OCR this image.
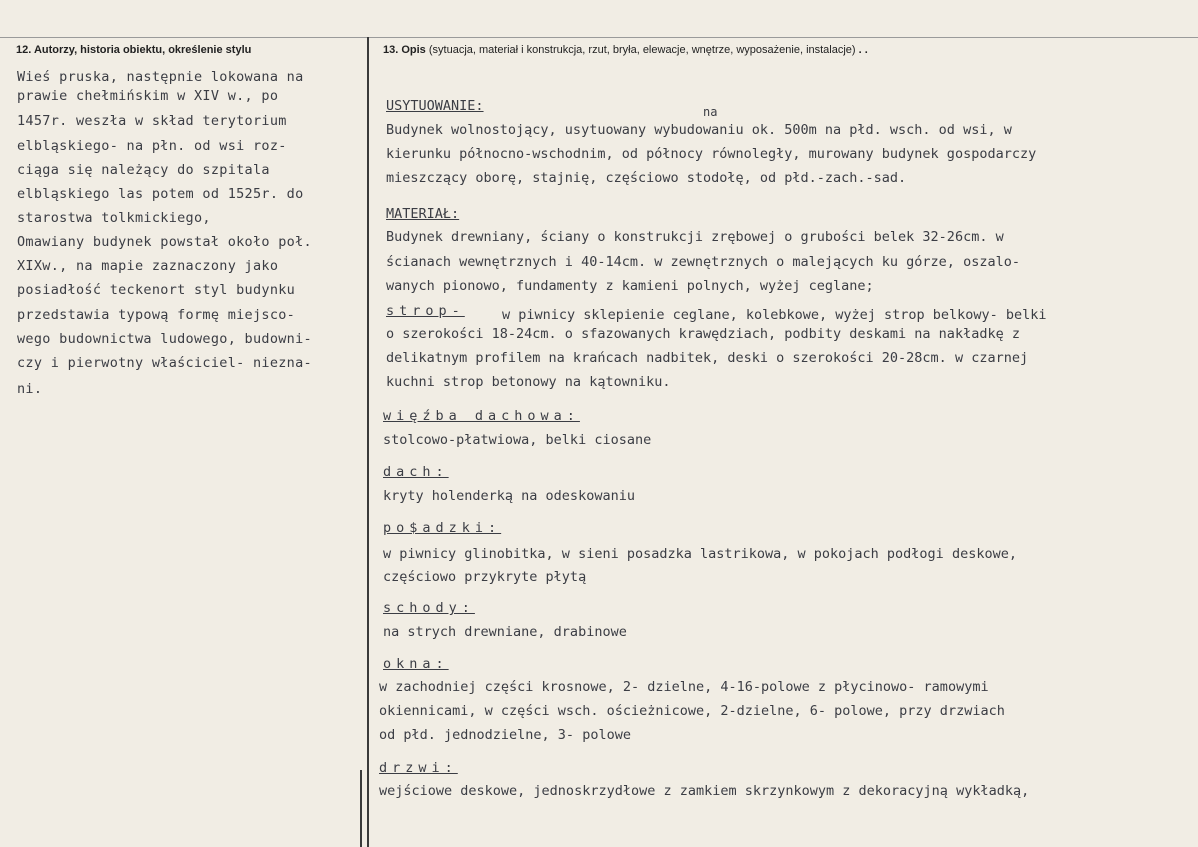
12. Autorzy, historia obiektu, określenie stylu
Wieś pruska, następnie lokowana na
prawie chełmińskim w XIV w., po
1457r. weszła w skład terytorium
elbląskiego- na płn. od wsi roz-
ciąga się należący do szpitala
elbląskiego las potem od 1525r. do
starostwa tolkmickiego,
Omawiany budynek powstał około poł.
XIXw., na mapie zaznaczony jako
posiadłość teckenort styl budynku
przedstawia typową formę miejsco-
wego budownictwa ludowego, budowni-
czy i pierwotny właściciel- niezna-
ni.
13. Opis (sytuacja, materiał i konstrukcja, rzut, bryła, elewacje, wnętrze, wyposażenie, instalacje) . .
USYTUOWANIE:	na
Budynek wolnostojący, usytuowany wybudowaniu ok. 500m na płd. wsch. od wsi, w
kierunku północno-wschodnim, od północy równoległy, murowany budynek gospodarczy
mieszczący oborę, stajnię, częściowo stodołę, od płd.-zach.-sad.
MATERIAŁ:
Budynek drewniany, ściany o konstrukcji zrębowej o grubości belek 32-26cm. w
ścianach wewnętrznych i 40-14cm. w zewnętrznych o malejących ku górze, oszalo-
wanych pionowo, fundamenty z kamieni polnych, wyżej ceglane;
strop-	w piwnicy sklepienie ceglane, kolebkowe, wyżej strop belkowy- belki
o szerokości 18-24cm. o sfazowanych krawędziach, podbity deskami na nakładkę z
delikatnym profilem na krańcach nadbitek, deski o szerokości 20-28cm. w czarnej
kuchni strop betonowy na kątowniku.
więźba dachowa:
stolcowo-płatwiowa, belki ciosane
dach:
kryty holenderką na odeskowaniu
po$adzki:
w piwnicy glinobitka, w sieni posadzka lastrikowa, w pokojach podłogi deskowe,
częściowo przykryte płytą
schody:
na strych drewniane, drabinowe
okna:
w zachodniej części krosnowe, 2- dzielne, 4-16-polowe z płycinowo- ramowymi
okiennicami, w części wsch. ościeżnicowe, 2-dzielne, 6- polowe, przy drzwiach
od płd. jednodzielne, 3- polowe
drzwi:
wejściowe deskowe, jednoskrzydłowe z zamkiem skrzynkowym z dekoracyjną wykładką,
